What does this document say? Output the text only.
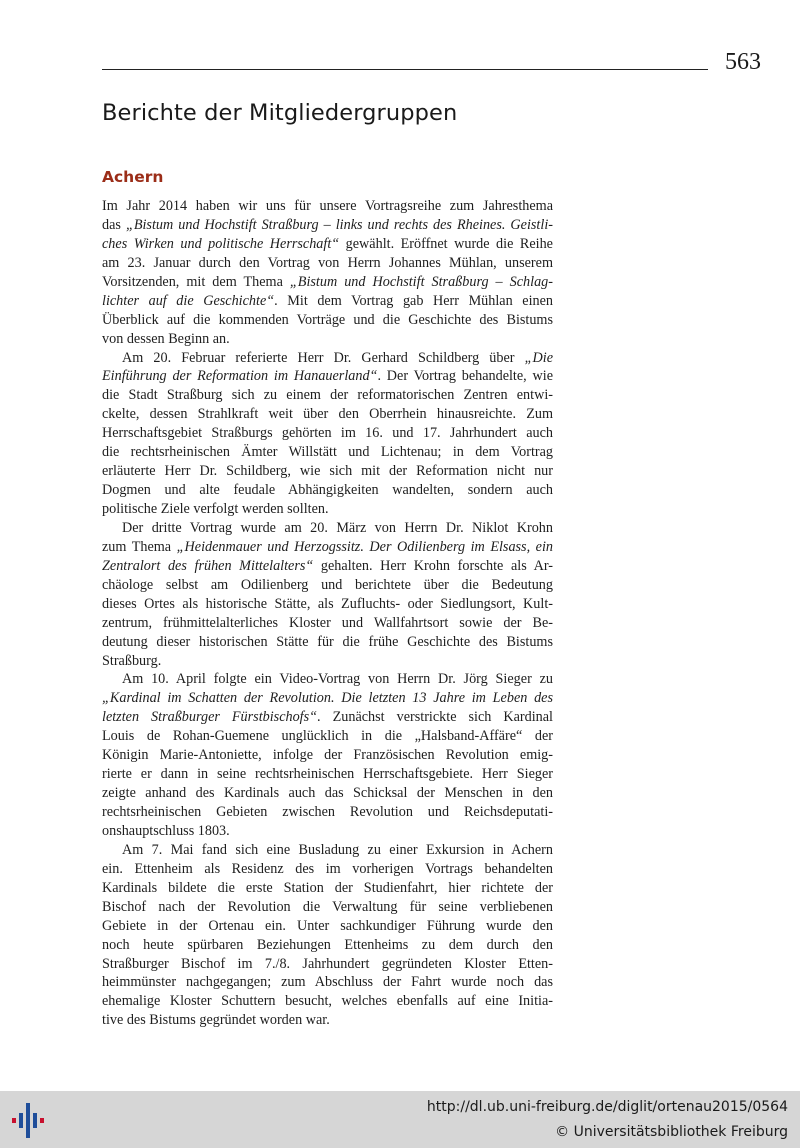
563
Berichte der Mitgliedergruppen
Achern
Im Jahr 2014 haben wir uns für unsere Vortragsreihe zum Jahresthema
das „Bistum und Hochstift Straßburg – links und rechts des Rheines. Geistli-
ches Wirken und politische Herrschaft“ gewählt. Eröffnet wurde die Reihe
am 23. Januar durch den Vortrag von Herrn Johannes Mühlan, unserem
Vorsitzenden, mit dem Thema „Bistum und Hochstift Straßburg – Schlag-
lichter auf die Geschichte“. Mit dem Vortrag gab Herr Mühlan einen
Überblick auf die kommenden Vorträge und die Geschichte des Bistums
von dessen Beginn an.
Am 20. Februar referierte Herr Dr. Gerhard Schildberg über „Die
Einführung der Reformation im Hanauerland“. Der Vortrag behandelte, wie
die Stadt Straßburg sich zu einem der reformatorischen Zentren entwi-
ckelte, dessen Strahlkraft weit über den Oberrhein hinausreichte. Zum
Herrschaftsgebiet Straßburgs gehörten im 16. und 17. Jahrhundert auch
die rechtsrheinischen Ämter Willstätt und Lichtenau; in dem Vortrag
erläuterte Herr Dr. Schildberg, wie sich mit der Reformation nicht nur
Dogmen und alte feudale Abhängigkeiten wandelten, sondern auch
politische Ziele verfolgt werden sollten.
Der dritte Vortrag wurde am 20. März von Herrn Dr. Niklot Krohn
zum Thema „Heidenmauer und Herzogssitz. Der Odilienberg im Elsass, ein
Zentralort des frühen Mittelalters“ gehalten. Herr Krohn forschte als Ar-
chäologe selbst am Odilienberg und berichtete über die Bedeutung
dieses Ortes als historische Stätte, als Zufluchts- oder Siedlungsort, Kult-
zentrum, frühmittelalterliches Kloster und Wallfahrtsort sowie der Be-
deutung dieser historischen Stätte für die frühe Geschichte des Bistums
Straßburg.
Am 10. April folgte ein Video-Vortrag von Herrn Dr. Jörg Sieger zu
„Kardinal im Schatten der Revolution. Die letzten 13 Jahre im Leben des
letzten Straßburger Fürstbischofs“. Zunächst verstrickte sich Kardinal
Louis de Rohan-Guemene unglücklich in die „Halsband-Affäre“ der
Königin Marie-Antoniette, infolge der Französischen Revolution emig-
rierte er dann in seine rechtsrheinischen Herrschaftsgebiete. Herr Sieger
zeigte anhand des Kardinals auch das Schicksal der Menschen in den
rechtsrheinischen Gebieten zwischen Revolution und Reichsdeputati-
onshauptschluss 1803.
Am 7. Mai fand sich eine Busladung zu einer Exkursion in Achern
ein. Ettenheim als Residenz des im vorherigen Vortrags behandelten
Kardinals bildete die erste Station der Studienfahrt, hier richtete der
Bischof nach der Revolution die Verwaltung für seine verbliebenen
Gebiete in der Ortenau ein. Unter sachkundiger Führung wurde den
noch heute spürbaren Beziehungen Ettenheims zu dem durch den
Straßburger Bischof im 7./8. Jahrhundert gegründeten Kloster Etten-
heimmünster nachgegangen; zum Abschluss der Fahrt wurde noch das
ehemalige Kloster Schuttern besucht, welches ebenfalls auf eine Initia-
tive des Bistums gegründet worden war.
http://dl.ub.uni-freiburg.de/diglit/ortenau2015/0564
© Universitätsbibliothek Freiburg
